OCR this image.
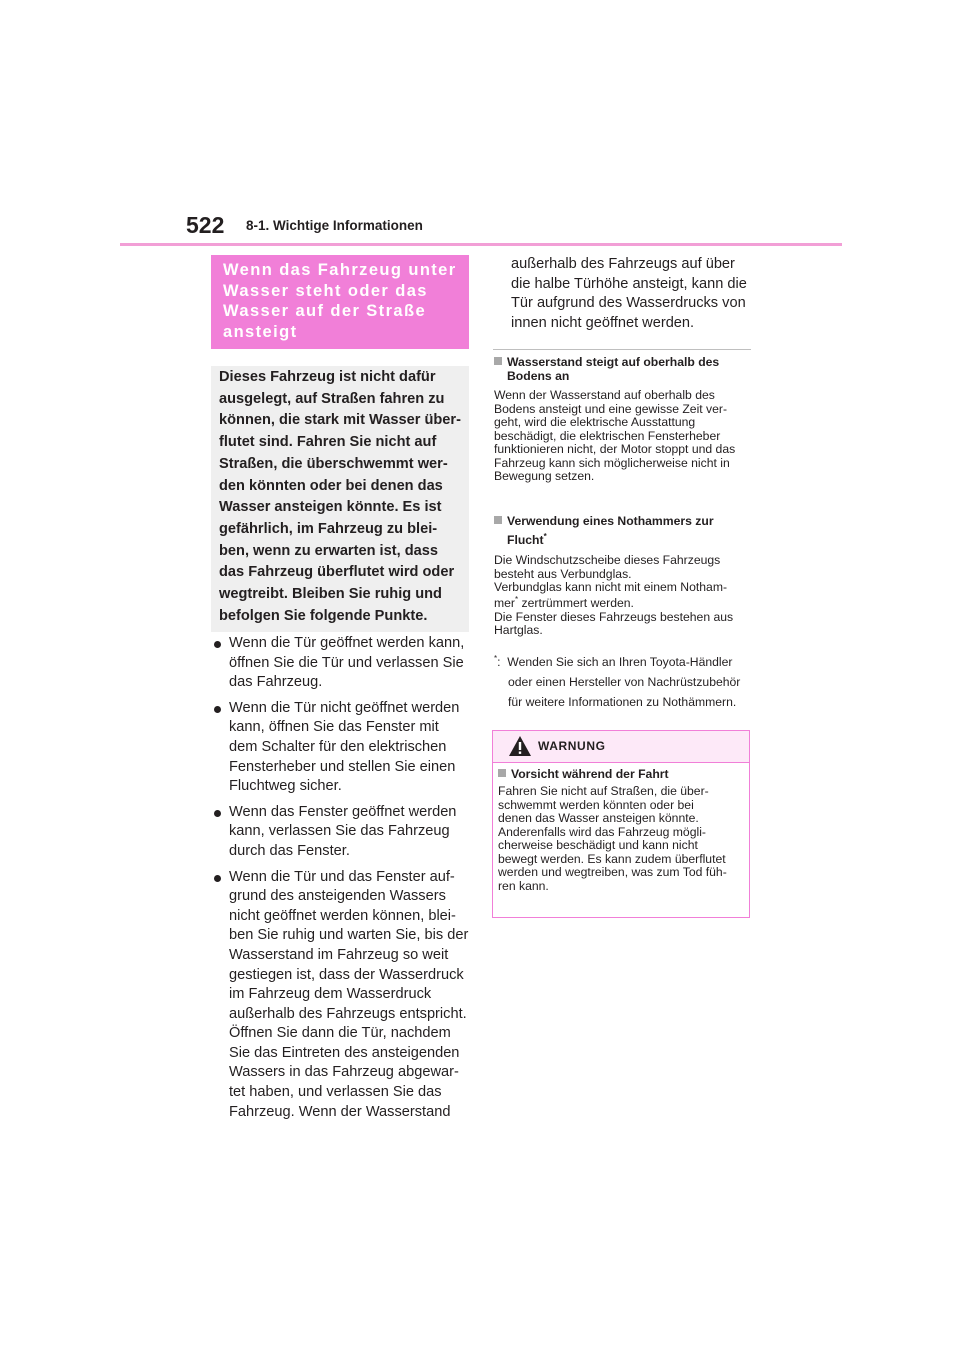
522 8-1. Wichtige Informationen
Wenn das Fahrzeug unter
Wasser steht oder das
Wasser auf der Straße
ansteigt
Dieses Fahrzeug ist nicht dafür
ausgelegt, auf Straßen fahren zu
können, die stark mit Wasser über-
flutet sind. Fahren Sie nicht auf
Straßen, die überschwemmt wer-
den könnten oder bei denen das
Wasser ansteigen könnte. Es ist
gefährlich, im Fahrzeug zu blei-
ben, wenn zu erwarten ist, dass
das Fahrzeug überflutet wird oder
wegtreibt. Bleiben Sie ruhig und
befolgen Sie folgende Punkte.
Wenn die Tür geöffnet werden kann,
öffnen Sie die Tür und verlassen Sie
das Fahrzeug.
Wenn die Tür nicht geöffnet werden
kann, öffnen Sie das Fenster mit
dem Schalter für den elektrischen
Fensterheber und stellen Sie einen
Fluchtweg sicher.
Wenn das Fenster geöffnet werden
kann, verlassen Sie das Fahrzeug
durch das Fenster.
Wenn die Tür und das Fenster auf-
grund des ansteigenden Wassers
nicht geöffnet werden können, blei-
ben Sie ruhig und warten Sie, bis der
Wasserstand im Fahrzeug so weit
gestiegen ist, dass der Wasserdruck
im Fahrzeug dem Wasserdruck
außerhalb des Fahrzeugs entspricht.
Öffnen Sie dann die Tür, nachdem
Sie das Eintreten des ansteigenden
Wassers in das Fahrzeug abgewar-
tet haben, und verlassen Sie das
Fahrzeug. Wenn der Wasserstand
außerhalb des Fahrzeugs auf über
die halbe Türhöhe ansteigt, kann die
Tür aufgrund des Wasserdrucks von
innen nicht geöffnet werden.
Wasserstand steigt auf oberhalb des
Bodens an
Wenn der Wasserstand auf oberhalb des
Bodens ansteigt und eine gewisse Zeit ver-
geht, wird die elektrische Ausstattung
beschädigt, die elektrischen Fensterheber
funktionieren nicht, der Motor stoppt und das
Fahrzeug kann sich möglicherweise nicht in
Bewegung setzen.
Verwendung eines Nothammers zur
Flucht*
Die Windschutzscheibe dieses Fahrzeugs
besteht aus Verbundglas.
Verbundglas kann nicht mit einem Notham-
mer* zertrümmert werden.
Die Fenster dieses Fahrzeugs bestehen aus
Hartglas.
*: Wenden Sie sich an Ihren Toyota-Händler
oder einen Hersteller von Nachrüstzubehör
für weitere Informationen zu Nothämmern.
WARNUNG
Vorsicht während der Fahrt
Fahren Sie nicht auf Straßen, die über-
schwemmt werden könnten oder bei
denen das Wasser ansteigen könnte.
Anderenfalls wird das Fahrzeug mögli-
cherweise beschädigt und kann nicht
bewegt werden. Es kann zudem überflutet
werden und wegtreiben, was zum Tod füh-
ren kann.
